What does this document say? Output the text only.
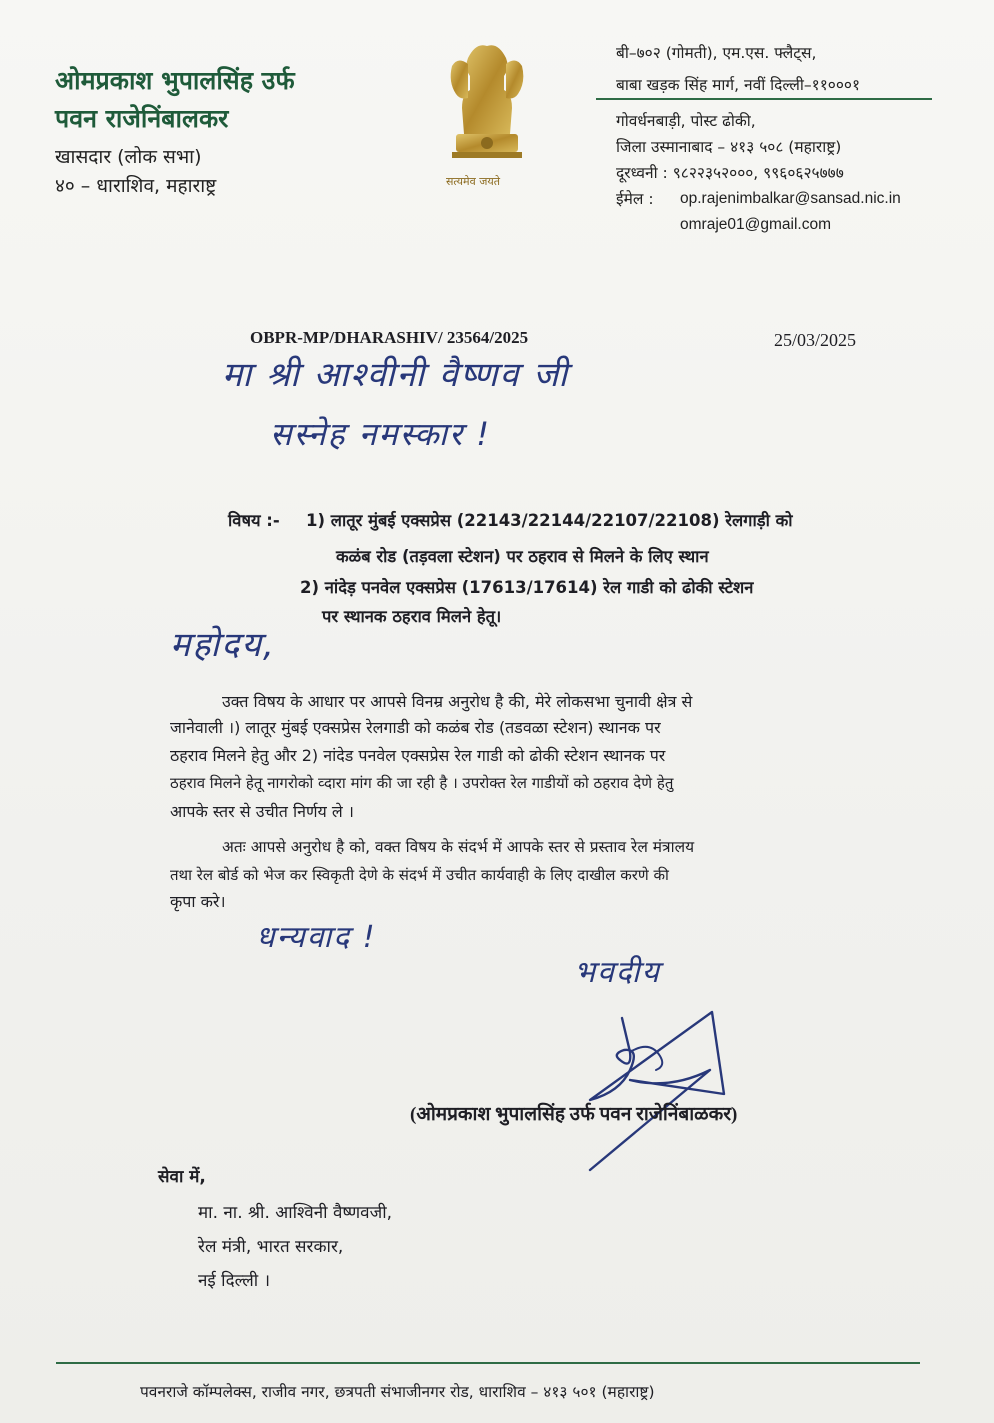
ओमप्रकाश भुपालसिंह उर्फ
पवन राजेनिंबालकर
खासदार (लोक सभा)
४० – धाराशिव, महाराष्ट्र	सत्यमेव जयते
बी–७०२ (गोमती), एम.एस. फ्लैट्स,
बाबा खड़क सिंह मार्ग, नवीं दिल्ली–११०००१
गोवर्धनबाड़ी, पोस्ट ढोकी,
जिला उस्मानाबाद – ४१३ ५०८ (महाराष्ट्र)
दूरध्वनी : ९८२२३५२०००, ९९६०६२५७७७
ईमेल : op.rajenimbalkar@sansad.nic.in
omraje01@gmail.com
OBPR-MP/DHARASHIV/ 23564/2025	25/03/2025
मा श्री आश्वीनी वैष्णव जी
सस्नेह नमस्कार !
विषय :- 1) लातूर मुंबई एक्सप्रेस (22143/22144/22107/22108) रेलगाड़ी को
कळंब रोड (तड़वला स्टेशन) पर ठहराव से मिलने के लिए स्थान
2) नांदेड़ पनवेल एक्सप्रेस (17613/17614) रेल गाडी को ढोकी स्टेशन
पर स्थानक ठहराव मिलने हेतू।
महोदय,
उक्त विषय के आधार पर आपसे विनम्र अनुरोध है की, मेरे लोकसभा चुनावी क्षेत्र से
जानेवाली ।) लातूर मुंबई एक्सप्रेस रेलगाडी को कळंब रोड (तडवळा स्टेशन) स्थानक पर
ठहराव मिलने हेतु और 2) नांदेड पनवेल एक्सप्रेस रेल गाडी को ढोकी स्टेशन स्थानक पर
ठहराव मिलने हेतू नागरोको व्दारा मांग की जा रही है । उपरोक्त रेल गाडीयों को ठहराव देणे हेतु
आपके स्तर से उचीत निर्णय ले ।
अतः आपसे अनुरोध है को, वक्त विषय के संदर्भ में आपके स्तर से प्रस्ताव रेल मंत्रालय
तथा रेल बोर्ड को भेज कर स्विकृती देणे के संदर्भ में उचीत कार्यवाही के लिए दाखील करणे की
कृपा करे।
धन्यवाद !
भवदीय
(ओमप्रकाश भुपालसिंह उर्फ पवन राजेनिंबाळकर)
सेवा में,
मा. ना. श्री. आश्विनी वैष्णवजी,
रेल मंत्री, भारत सरकार,
नई दिल्ली ।
पवनराजे कॉम्पलेक्स, राजीव नगर, छत्रपती संभाजीनगर रोड, धाराशिव – ४१३ ५०१ (महाराष्ट्र)
